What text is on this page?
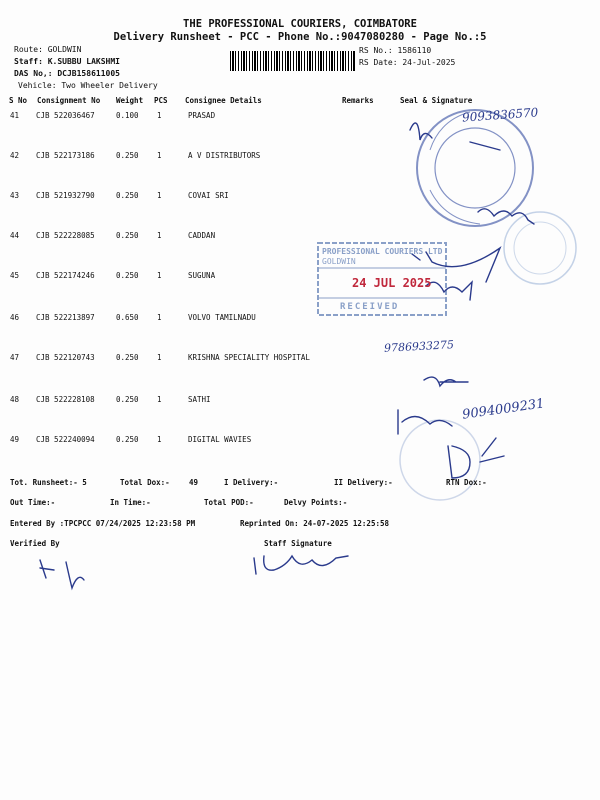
THE PROFESSIONAL COURIERS, COIMBATORE
Delivery Runsheet - PCC - Phone No.:9047080280 - Page No.:5
Route: GOLDWIN
Staff: K.SUBBU LAKSHMI
DAS No,: DCJB158611005
Vehicle: Two Wheeler Delivery
RS No.: 1586110
RS Date: 24-Jul-2025
S No Consignment No Weight PCS Consignee Details	Remarks	Seal & Signature
41 CJB 522036467	0.100 1	PRASAD
42 CJB 522173186	0.250 1	A V DISTRIBUTORS
43 CJB 521932790	0.250 1	COVAI SRI
44 CJB 522228085	0.250 1	CADDAN
45 CJB 522174246	0.250 1	SUGUNA
46 CJB 522213897	0.650 1	VOLVO TAMILNADU
47 CJB 522120743	0.250 1	KRISHNA SPECIALITY HOSPITAL
48 CJB 522228108	0.250 1	SATHI
49 CJB 522240094	0.250 1	DIGITAL WAVIES
9093836570
9786933275
9094009231
PROFESSIONAL COURIERS LTD
GOLDWIN
24 JUL 2025
RECEIVED
Tot. Runsheet:- 5	Total Dox:-	49	I Delivery:-	II Delivery:-	RTN Dox:-
Out Time:-	In Time:-	Total POD:-	Delvy Points:-
Entered By :TPCPCC 07/24/2025 12:23:58 PM	Reprinted On: 24-07-2025 12:25:58
Verified By	Staff Signature
